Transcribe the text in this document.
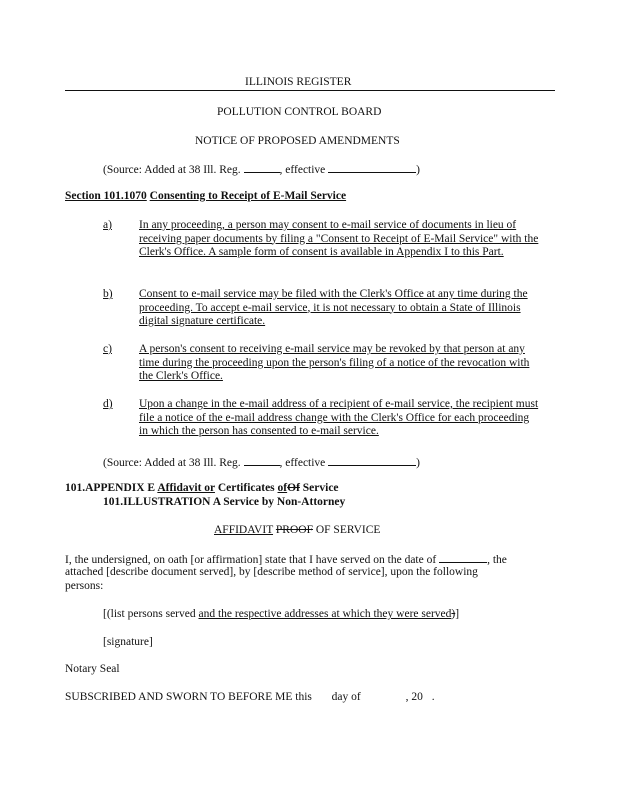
ILLINOIS REGISTER
POLLUTION CONTROL BOARD
NOTICE OF PROPOSED AMENDMENTS
(Source: Added at 38 Ill. Reg.	, effective	)
Section 101.1070 Consenting to Receipt of E-Mail Service
a) In any proceeding, a person may consent to e-mail service of documents in lieu of receiving paper documents by filing a "Consent to Receipt of E-Mail Service" with the Clerk's Office. A sample form of consent is available in Appendix I to this Part.
b) Consent to e-mail service may be filed with the Clerk's Office at any time during the proceeding. To accept e-mail service, it is not necessary to obtain a State of Illinois digital signature certificate.
c) A person's consent to receiving e-mail service may be revoked by that person at any time during the proceeding upon the person's filing of a notice of the revocation with the Clerk's Office.
d) Upon a change in the e-mail address of a recipient of e-mail service, the recipient must file a notice of the e-mail address change with the Clerk's Office for each proceeding in which the person has consented to e-mail service.
(Source: Added at 38 Ill. Reg.	, effective	)
101.APPENDIX E Affidavit or Certificates ofOf Service
101.ILLUSTRATION A Service by Non-Attorney
AFFIDAVIT PROOF OF SERVICE
I, the undersigned, on oath [or affirmation] state that I have served on the date of	, the
attached [describe document served], by [describe method of service], upon the following
persons:
[(list persons served and the respective addresses at which they were served)]
[signature]
Notary Seal
SUBSCRIBED AND SWORN TO BEFORE ME this day of	, 20 .
